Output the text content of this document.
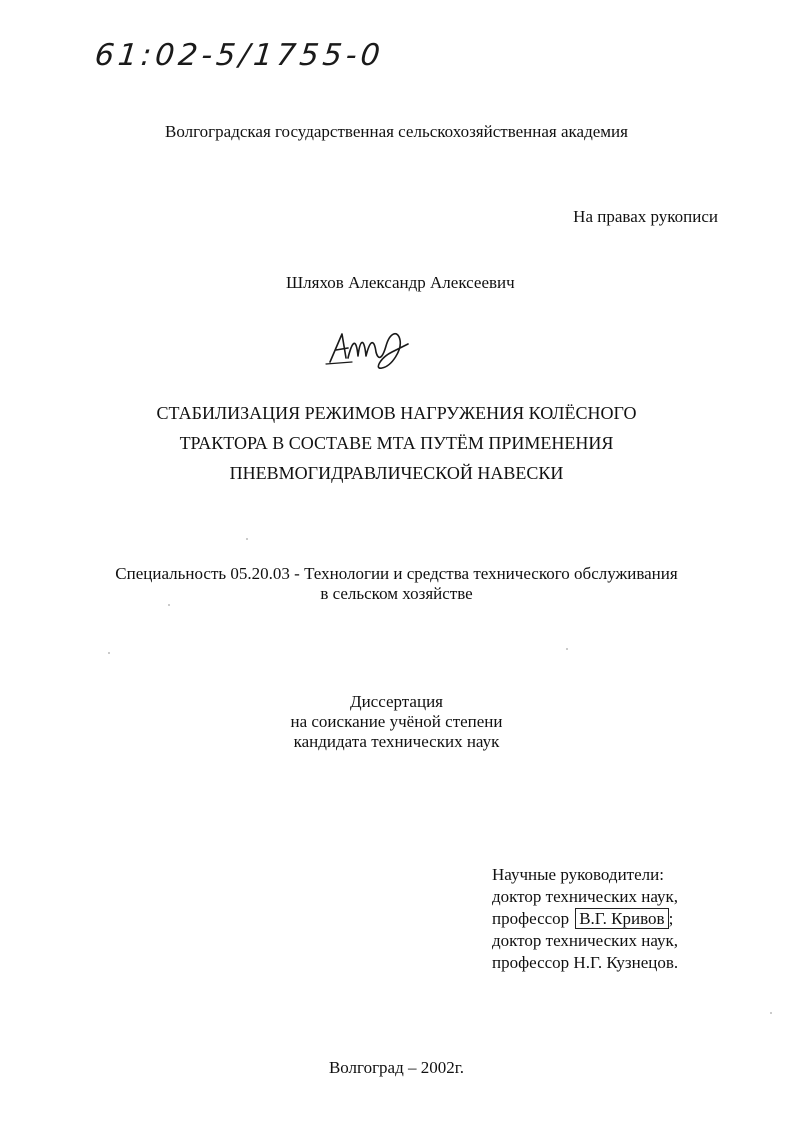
61:02-5/1755-0
Волгоградская государственная сельскохозяйственная академия
На правах рукописи
Шляхов Александр Алексеевич
СТАБИЛИЗАЦИЯ РЕЖИМОВ НАГРУЖЕНИЯ КОЛЁСНОГО
ТРАКТОРА В СОСТАВЕ МТА ПУТЁМ ПРИМЕНЕНИЯ
ПНЕВМОГИДРАВЛИЧЕСКОЙ НАВЕСКИ
Специальность 05.20.03 - Технологии и средства технического обслуживания
в сельском хозяйстве
Диссертация
на соискание учёной степени
кандидата технических наук
Научные руководители:
доктор технических наук,
профессор В.Г. Кривов ;
доктор технических наук,
профессор Н.Г. Кузнецов.
Волгоград – 2002г.
